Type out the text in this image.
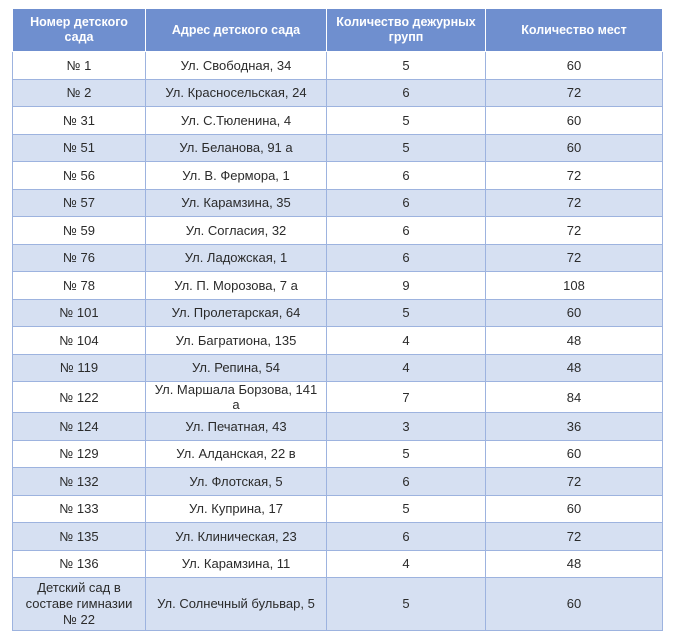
Номер детского сада	Адрес детского сада	Количество дежурных групп	Количество мест
№ 1	Ул. Свободная, 34	5	60
№ 2	Ул. Красносельская, 24	6	72
№ 31	Ул. С.Тюленина, 4	5	60
№ 51	Ул. Беланова, 91 а	5	60
№ 56	Ул. В. Фермора, 1	6	72
№ 57	Ул. Карамзина, 35	6	72
№ 59	Ул. Согласия, 32	6	72
№ 76	Ул. Ладожская, 1	6	72
№ 78	Ул. П. Морозова, 7 а	9	108
№ 101	Ул. Пролетарская, 64	5	60
№ 104	Ул. Багратиона, 135	4	48
№ 119	Ул. Репина, 54	4	48
№ 122	Ул. Маршала Борзова, 141 а	7	84
№ 124	Ул. Печатная, 43	3	36
№ 129	Ул. Алданская, 22 в	5	60
№ 132	Ул. Флотская, 5	6	72
№ 133	Ул. Куприна, 17	5	60
№ 135	Ул. Клиническая, 23	6	72
№ 136	Ул. Карамзина, 11	4	48
Детский сад в составе гимназии № 22	Ул. Солнечный бульвар, 5	5	60
